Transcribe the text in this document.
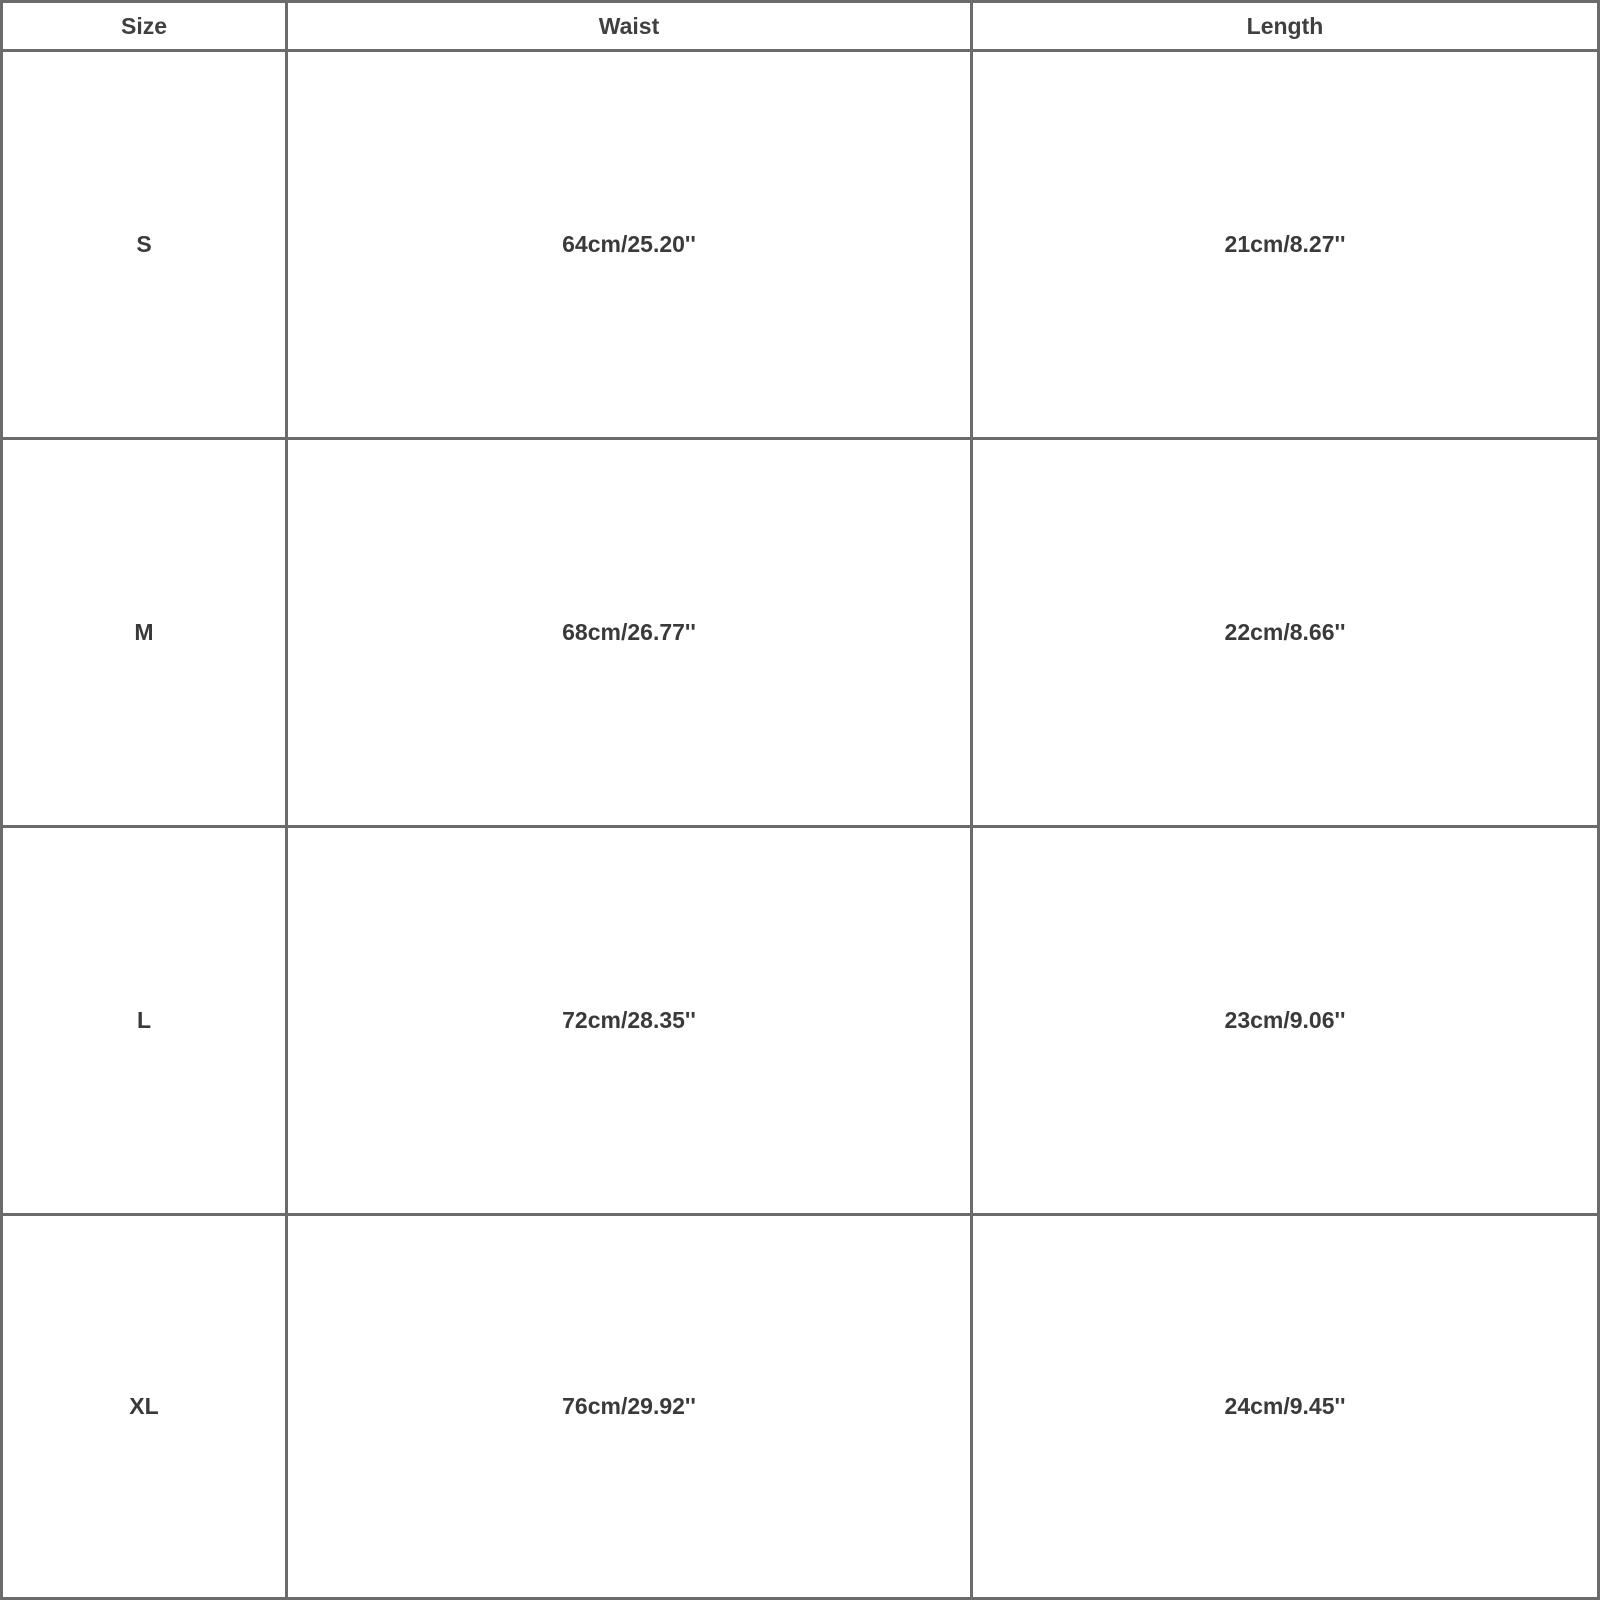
Size	Waist	Length
S	64cm/25.20''	21cm/8.27''
M	68cm/26.77''	22cm/8.66''
L	72cm/28.35''	23cm/9.06''
XL	76cm/29.92''	24cm/9.45''
